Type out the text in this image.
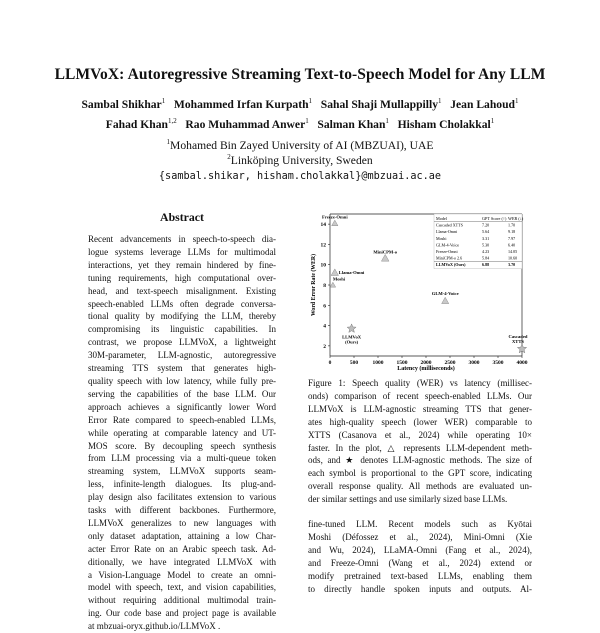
LLMVoX: Autoregressive Streaming Text-to-Speech Model for Any LLM
Sambal Shikhar$^1$ Mohammed Irfan Kurpath$^1$ Sahal Shaji Mullappilly$^1$ Jean Lahoud$^1$
Fahad Khan$^{1,2}$ Rao Muhammad Anwer$^1$ Salman Khan$^1$ Hisham Cholakkal$^1$
$^1$Mohamed Bin Zayed University of AI (MBZUAI), UAE
$^2$Linköping University, Sweden
{sambal.shikar, hisham.cholakkal}@mbzuai.ac.ae
Abstract
Recent advancements in speech-to-speech dia-
logue systems leverage LLMs for multimodal
interactions, yet they remain hindered by fine-
tuning requirements, high computational over-
head, and text-speech misalignment. Existing
speech-enabled LLMs often degrade conversa-
tional quality by modifying the LLM, thereby
compromising its linguistic capabilities. In
contrast, we propose LLMVoX, a lightweight
30M-parameter, LLM-agnostic, autoregressive
streaming TTS system that generates high-
quality speech with low latency, while fully pre-
serving the capabilities of the base LLM. Our
approach achieves a significantly lower Word
Error Rate compared to speech-enabled LLMs,
while operating at comparable latency and UT-
MOS score. By decoupling speech synthesis
from LLM processing via a multi-queue token
streaming system, LLMVoX supports seam-
less, infinite-length dialogues. Its plug-and-
play design also facilitates extension to various
tasks with different backbones. Furthermore,
LLMVoX generalizes to new languages with
only dataset adaptation, attaining a low Char-
acter Error Rate on an Arabic speech task. Ad-
ditionally, we have integrated LLMVoX with
a Vision-Language Model to create an omni-
model with speech, text, and vision capabilities,
without requiring additional multimodal train-
ing. Our code base and project page is available
at mbzuai-oryx.github.io/LLMVoX .
2
4
6
8
10
12
14
0	500	1000 1500 2000 2500 3000 3500 4000
Freeze-Omni
MiniCPM-o
Llama-Omni
Moshi
GLM-4-Voice
LLMVoX (Ours)
Cascaded XTTS
Model	GPT Score (↑) WER (↓)
Cascaded XTTS	7.20	1.70
Llama-Omni	5.64	9.18
Moshi	3.31	7.97
GLM-4-Voice	5.30	6.40
Freeze-Omni	4.23	14.05
MiniCPM-o 2.6	5.84	10.60
LLMVoX (Ours)	6.88	3.70
Word Error Rate (WER)
Latency (milliseconds)
Figure 1: Speech quality (WER) vs latency (millisec-
onds) comparison of recent speech-enabled LLMs. Our
LLMVoX is LLM-agnostic streaming TTS that gener-
ates high-quality speech (lower WER) comparable to
XTTS (Casanova et al., 2024) while operating 10×
faster. In the plot, △ represents LLM-dependent meth-
ods, and ★ denotes LLM-agnostic methods. The size of
each symbol is proportional to the GPT score, indicating
overall response quality. All methods are evaluated un-
der similar settings and use similarly sized base LLMs.
fine-tuned LLM. Recent models such as Kyōtai
Moshi (Défossez et al., 2024), Mini-Omni (Xie
and Wu, 2024), LLaMA-Omni (Fang et al., 2024),
and Freeze-Omni (Wang et al., 2024) extend or
modify pretrained text-based LLMs, enabling them
to directly handle spoken inputs and outputs. Al-
